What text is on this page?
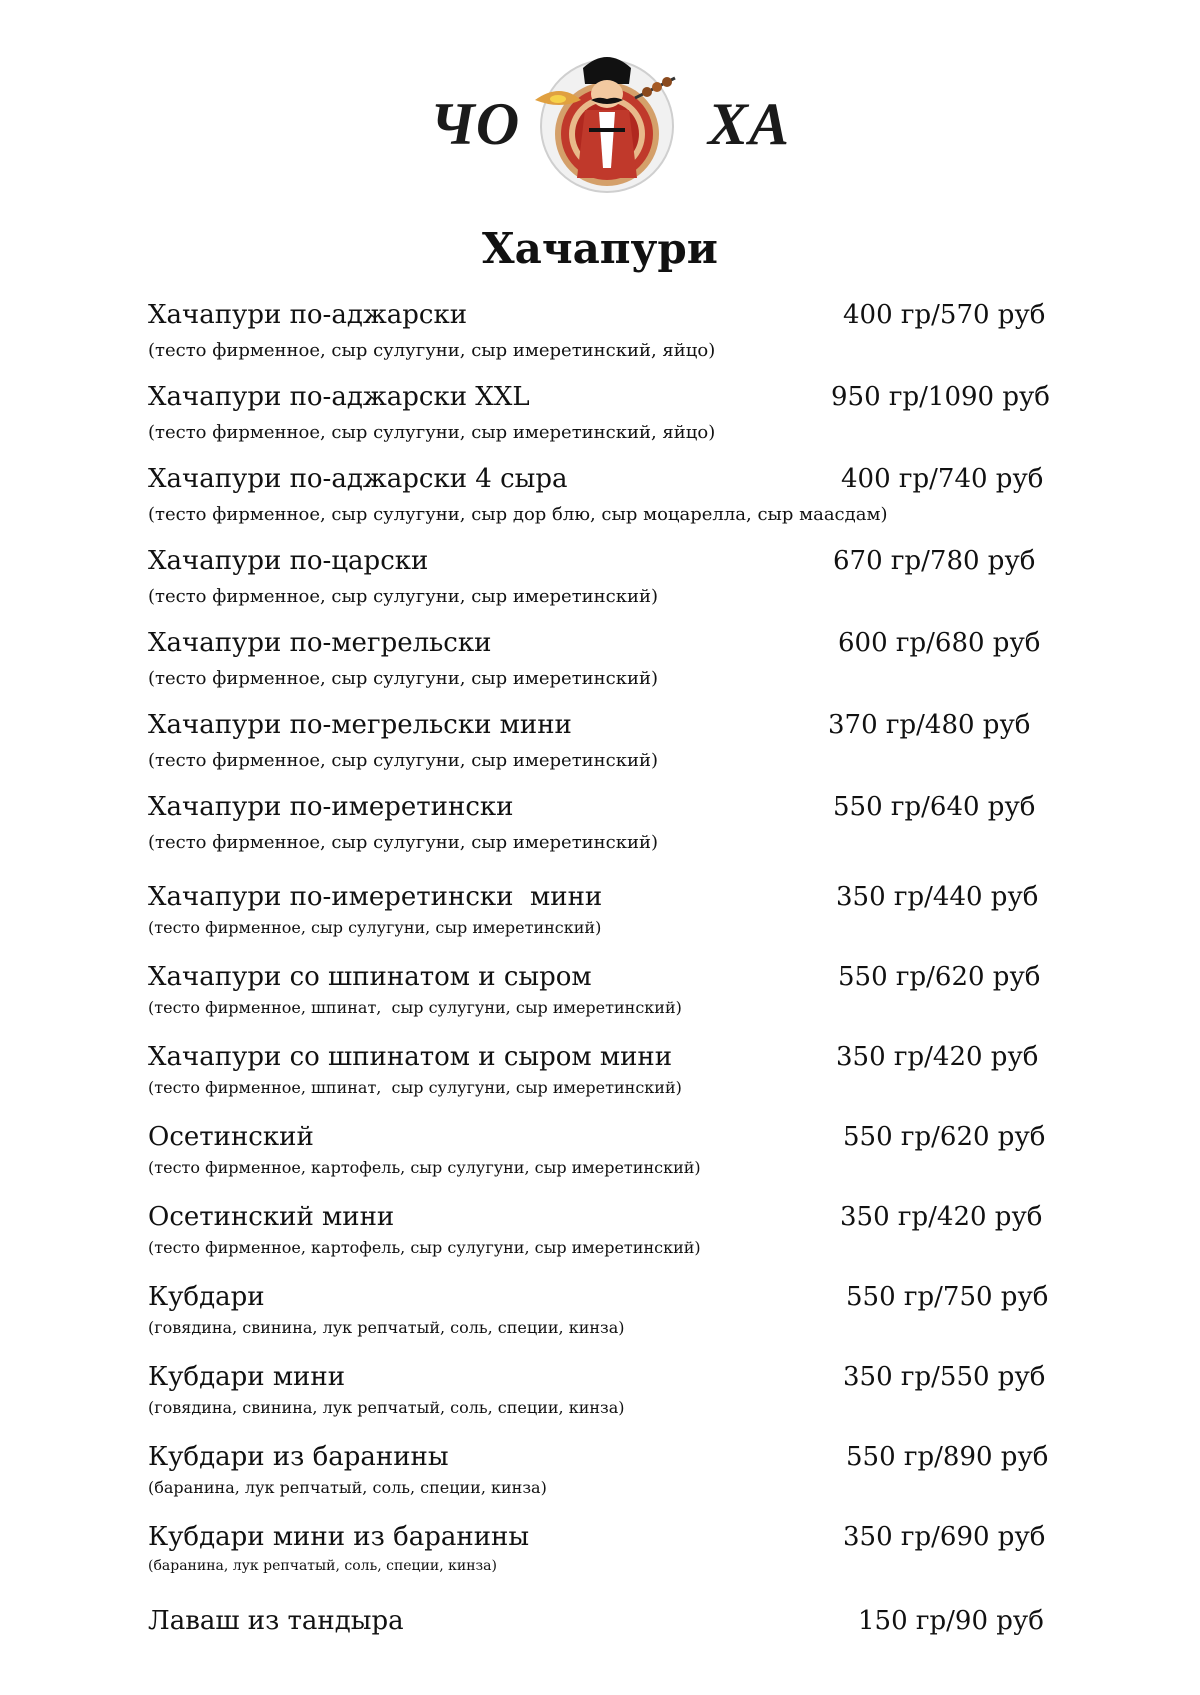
ЧО	ХА
Хачапури
Хачапури по-аджарски	400 гр/570 руб
(тесто фирменное, сыр сулугуни, сыр имеретинский, яйцо)
Хачапури по-аджарски XXL	950 гр/1090 руб
(тесто фирменное, сыр сулугуни, сыр имеретинский, яйцо)
Хачапури по-аджарски 4 сыра	400 гр/740 руб
(тесто фирменное, сыр сулугуни, сыр дор блю, сыр моцарелла, сыр маасдам)
Хачапури по-царски	670 гр/780 руб
(тесто фирменное, сыр сулугуни, сыр имеретинский)
Хачапури по-мегрельски	600 гр/680 руб
(тесто фирменное, сыр сулугуни, сыр имеретинский)
Хачапури по-мегрельски мини	370 гр/480 руб
(тесто фирменное, сыр сулугуни, сыр имеретинский)
Хачапури по-имеретински	550 гр/640 руб
(тесто фирменное, сыр сулугуни, сыр имеретинский)
Хачапури по-имеретински  мини	350 гр/440 руб
(тесто фирменное, сыр сулугуни, сыр имеретинский)
Хачапури со шпинатом и сыром	550 гр/620 руб
(тесто фирменное, шпинат,  сыр сулугуни, сыр имеретинский)
Хачапури со шпинатом и сыром мини	350 гр/420 руб
(тесто фирменное, шпинат,  сыр сулугуни, сыр имеретинский)
Осетинский	550 гр/620 руб
(тесто фирменное, картофель, сыр сулугуни, сыр имеретинский)
Осетинский мини	350 гр/420 руб
(тесто фирменное, картофель, сыр сулугуни, сыр имеретинский)
Кубдари	550 гр/750 руб
(говядина, свинина, лук репчатый, соль, специи, кинза)
Кубдари мини	350 гр/550 руб
(говядина, свинина, лук репчатый, соль, специи, кинза)
Кубдари из баранины	550 гр/890 руб
(баранина, лук репчатый, соль, специи, кинза)
Кубдари мини из баранины	350 гр/690 руб
(баранина, лук репчатый, соль, специи, кинза)
Лаваш из тандыра	150 гр/90 руб
